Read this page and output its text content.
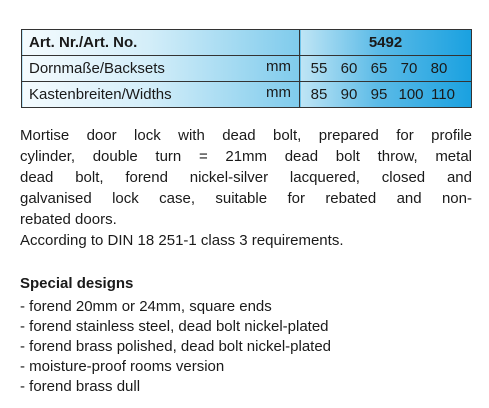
Art. Nr./Art. No.	5492
Dornmaße/Backsets mm	55 60 65 70 80
Kastenbreiten/Widths mm	85 90 95 100 110

Mortise door lock with dead bolt, prepared for profile
cylinder, double turn = 21mm dead bolt throw, metal
dead bolt, forend nickel-silver lacquered, closed and
galvanised lock case, suitable for rebated and non-
rebated doors.
According to DIN 18 251-1 class 3 requirements.

Special designs
- forend 20mm or 24mm, square ends
- forend stainless steel, dead bolt nickel-plated
- forend brass polished, dead bolt nickel-plated
- moisture-proof rooms version
- forend brass dull
